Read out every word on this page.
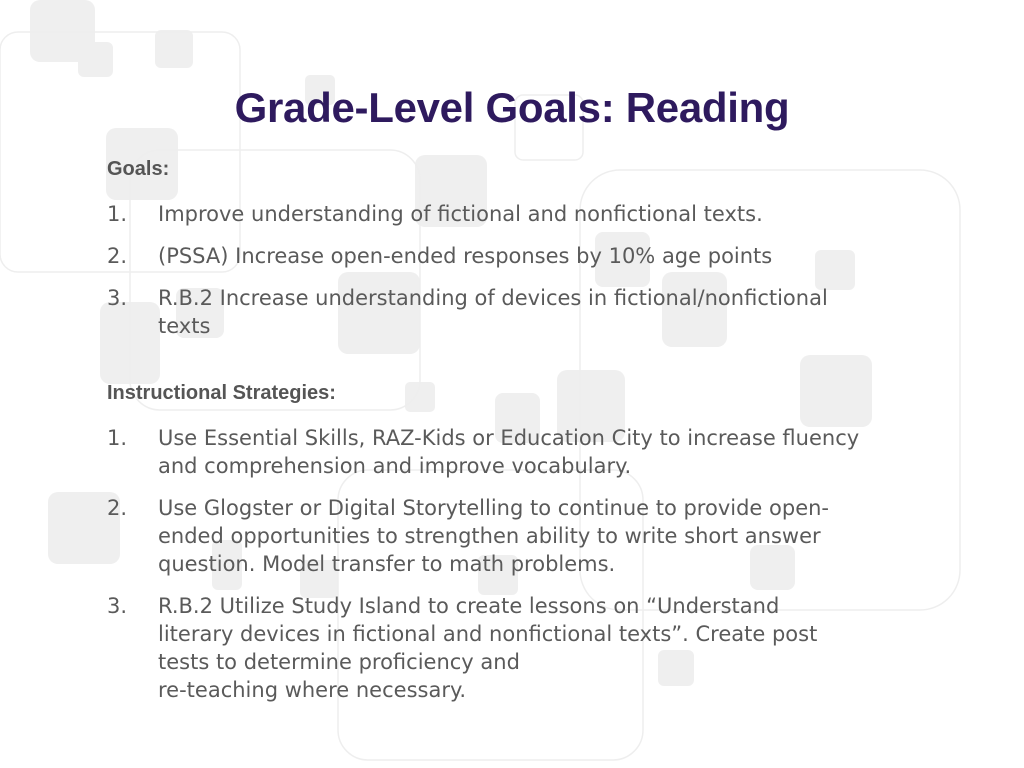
Grade-Level Goals: Reading
Goals:
1. Improve understanding of fictional and nonfictional texts.
2. (PSSA) Increase open-ended responses by 10% age points
3. R.B.2 Increase understanding of devices in fictional/nonfictional
texts
Instructional Strategies:
1. Use Essential Skills, RAZ-Kids or Education City to increase fluency
and comprehension and improve vocabulary.
2. Use Glogster or Digital Storytelling to continue to provide open-
ended opportunities to strengthen ability to write short answer
question. Model transfer to math problems.
3. R.B.2 Utilize Study Island to create lessons on “Understand
literary devices in fictional and nonfictional texts”. Create post
tests to determine proficiency and
re-teaching where necessary.
